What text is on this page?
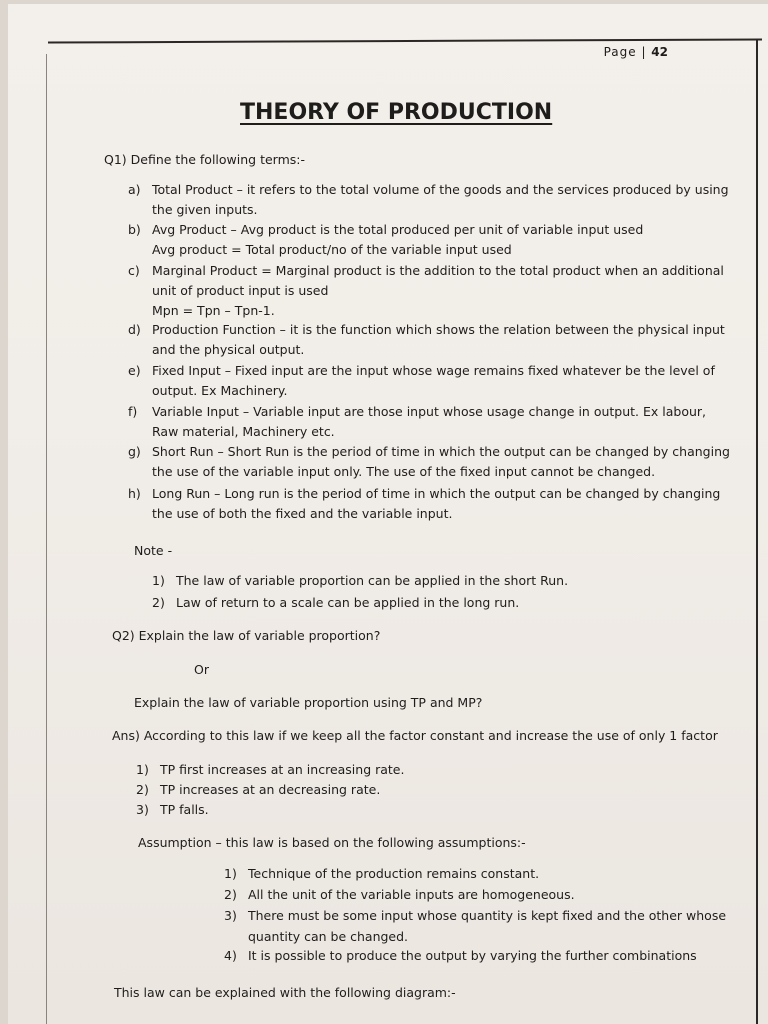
Page | 42
THEORY OF PRODUCTION

Q1) Define the following terms:-

a) Total Product – it refers to the total volume of the goods and the services produced by using
the given inputs.
b) Avg Product – Avg product is the total produced per unit of variable input used
Avg product = Total product/no of the variable input used
c) Marginal Product = Marginal product is the addition to the total product when an additional
unit of product input is used
Mpn = Tpn – Tpn-1.
d) Production Function – it is the function which shows the relation between the physical input
and the physical output.
e) Fixed Input – Fixed input are the input whose wage remains fixed whatever be the level of
output. Ex Machinery.
f) Variable Input – Variable input are those input whose usage change in output. Ex labour,
Raw material, Machinery etc.
g) Short Run – Short Run is the period of time in which the output can be changed by changing
the use of the variable input only. The use of the fixed input cannot be changed.
h) Long Run – Long run is the period of time in which the output can be changed by changing
the use of both the fixed and the variable input.

Note -

1) The law of variable proportion can be applied in the short Run.
2) Law of return to a scale can be applied in the long run.

Q2) Explain the law of variable proportion?

Or

Explain the law of variable proportion using TP and MP?

Ans) According to this law if we keep all the factor constant and increase the use of only 1 factor

1) TP first increases at an increasing rate.
2) TP increases at an decreasing rate.
3) TP falls.

Assumption – this law is based on the following assumptions:-

1) Technique of the production remains constant.
2) All the unit of the variable inputs are homogeneous.
3) There must be some input whose quantity is kept fixed and the other whose
quantity can be changed.
4) It is possible to produce the output by varying the further combinations

This law can be explained with the following diagram:-
